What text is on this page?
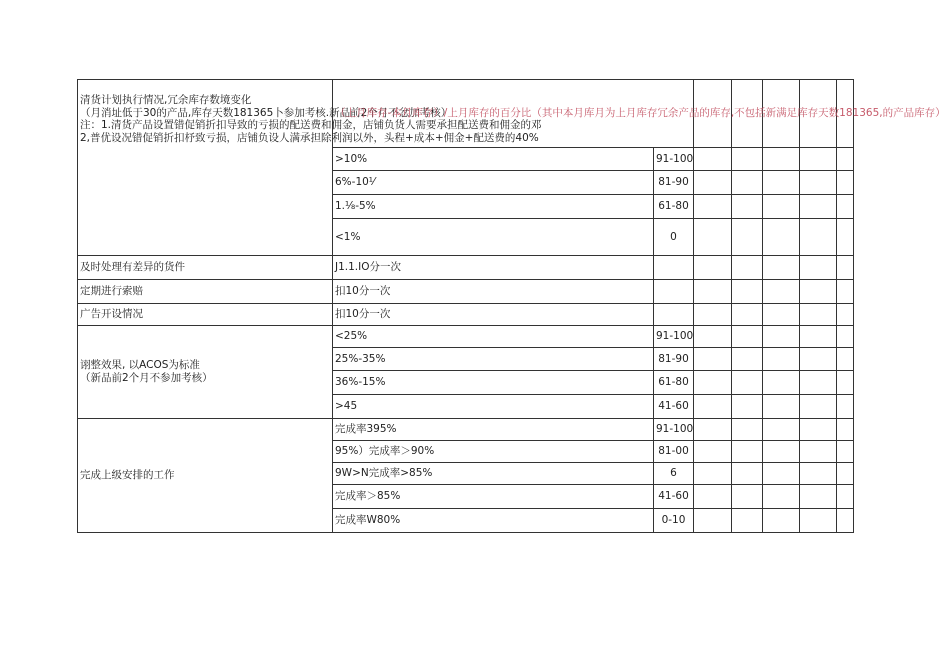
清货计划执行情况,冗余库存数境变化
（月消址低于30的产品,库存天数181365卜参加考核.新品前2个月不忿加考核）
注：1.清货产品设置错促销折扣导致的亏损的配送费和佣金，店铺负货人需要承担配送费和佣金的邓
2,普优设况错促销折扣杼致亏损，店铺负设人满承担除利润以外，头程+成本+佣金+配送费的40%	（上月库存-本月库存）/上月库存的百分比（其中本月库月为上月库存冗余产品的库存,不包括新满足库存天数181365,的产品库存）						
	>10%	91-100					
	6%-10⅟	81-90					
	1.⅛-5%	61-80					
	<1%	0					
及时处理有差异的货件	J1.1.IO分一次						
定期进行索赔	扣10分一次						
广告开设情况	扣10分一次						

诩整效果, 以ACOS为标准
（新品前2个月不参加考核）	<25%	91-100					
	25%-35%	81-90					
	36%-15%	61-80					
	>45	41-60					
完成上级安排的工作	完成率395%	91-100					
	95%）完成率＞90%	81-00					
	9W>N完成率>85%	6					
	完成率＞85%	41-60					
	完成率W80%	0-10					
